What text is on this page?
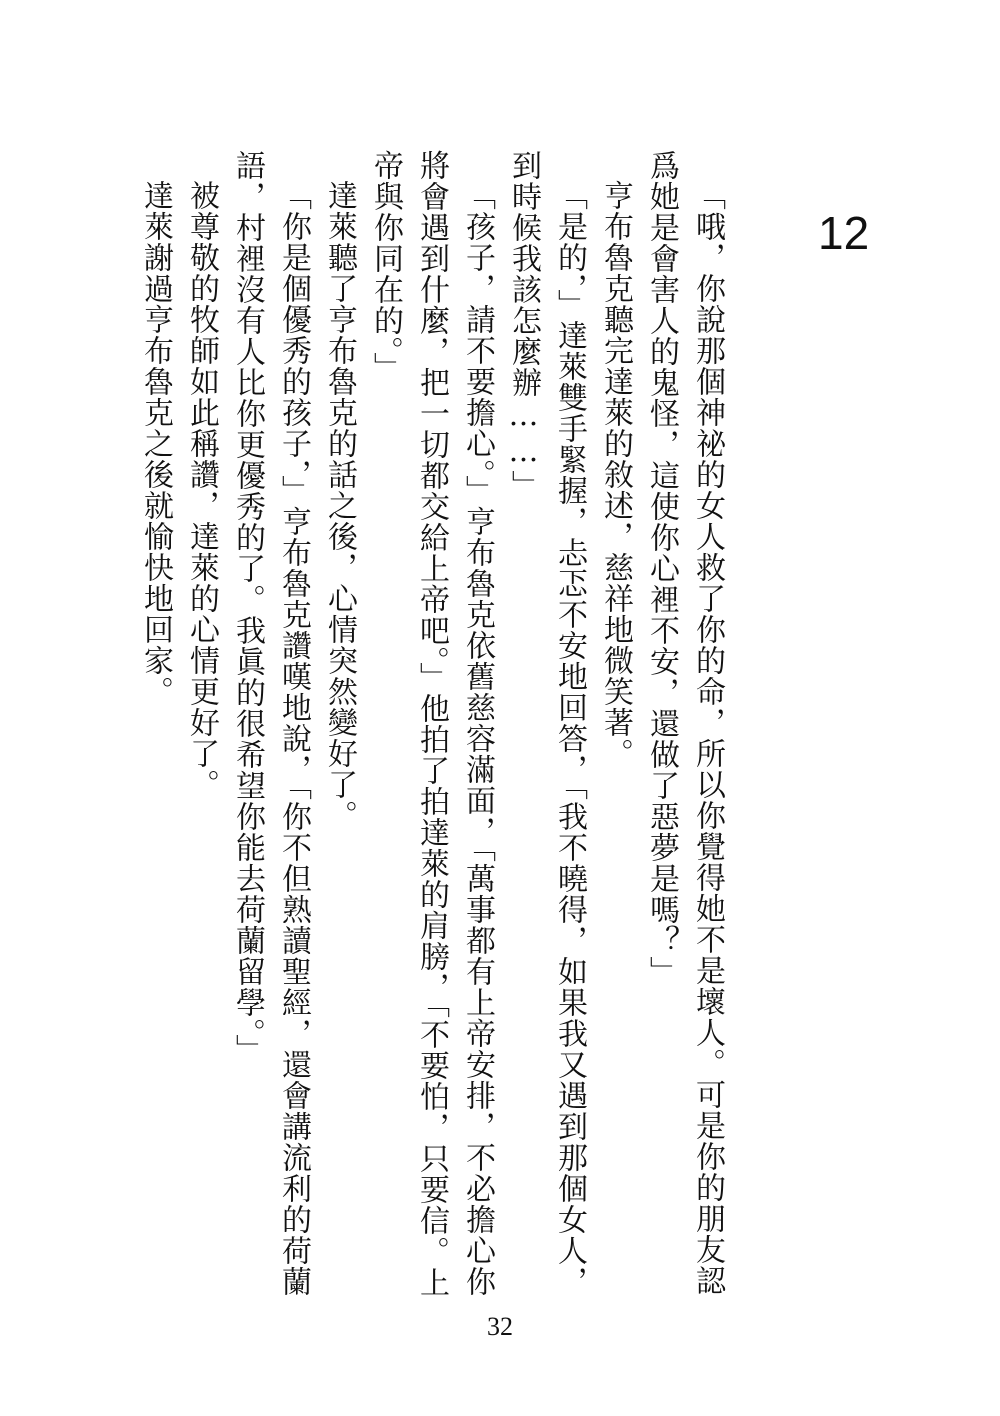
12

「哦，你說那個神祕的女人救了你的命，所以你覺得她不是壞人。可是你的朋友認爲她是會害人的鬼怪，這使你心裡不安，還做了惡夢是嗎？」

亨布魯克聽完達萊的敘述，慈祥地微笑著。

「是的，」達萊雙手緊握，忐忑不安地回答，「我不曉得，如果我又遇到那個女人，到時候我該怎麼辦……」

「孩子，請不要擔心。」亨布魯克依舊慈容滿面，「萬事都有上帝安排，不必擔心你將會遇到什麼，把一切都交給上帝吧。」他拍了拍達萊的肩膀，「不要怕，只要信。上帝與你同在的。」

達萊聽了亨布魯克的話之後，心情突然變好了。

「你是個優秀的孩子，」亨布魯克讚嘆地說，「你不但熟讀聖經，還會講流利的荷蘭語，村裡沒有人比你更優秀的了。我眞的很希望你能去荷蘭留學。」

被尊敬的牧師如此稱讚，達萊的心情更好了。

達萊謝過亨布魯克之後就愉快地回家。

32
